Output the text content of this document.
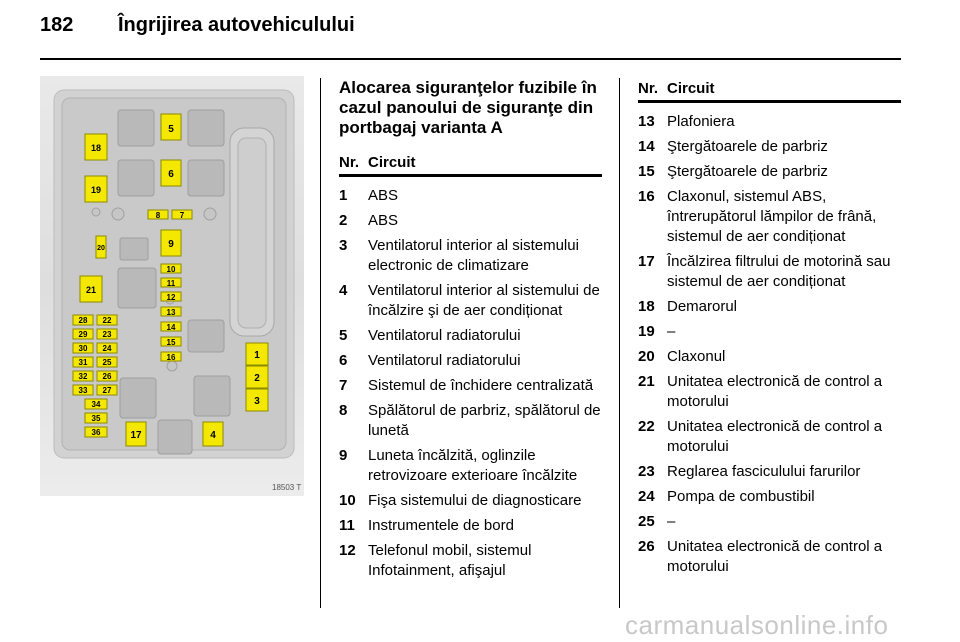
182 Îngrijirea autovehiculului
5
18
6
19
8 7
9
20
21
10
11
12
13
14
15
16
28 22
29 23
30 24
31 25
32 26
33 27
34
35
36	17	4
1
2
3
18503 T
Alocarea siguranţelor fuzibile în cazul panoului de siguranţe din portbagaj varianta A
Nr. Circuit
1	ABS
2	ABS
3	Ventilatorul interior al sistemului electronic de climatizare
4	Ventilatorul interior al sistemului de încălzire şi de aer condiționat
5	Ventilatorul radiatorului
6	Ventilatorul radiatorului
7	Sistemul de închidere centralizată
8	Spălătorul de parbriz, spălătorul de lunetă
9	Luneta încălzită, oglinzile retrovizoare exterioare încălzite
10 Fişa sistemului de diagnosticare
11 Instrumentele de bord
12 Telefonul mobil, sistemul Infotainment, afişajul
Nr. Circuit
13 Plafoniera
14 Ştergătoarele de parbriz
15 Ştergătoarele de parbriz
16 Claxonul, sistemul ABS, întrerupătorul lămpilor de frână, sistemul de aer condiționat
17 Încălzirea filtrului de motorină sau sistemul de aer condiționat
18 Demarorul
19 –
20 Claxonul
21 Unitatea electronică de control a motorului
22 Unitatea electronică de control a motorului
23 Reglarea fasciculului farurilor
24 Pompa de combustibil
25 –
26 Unitatea electronică de control a motorului
carmanualsonline.info
